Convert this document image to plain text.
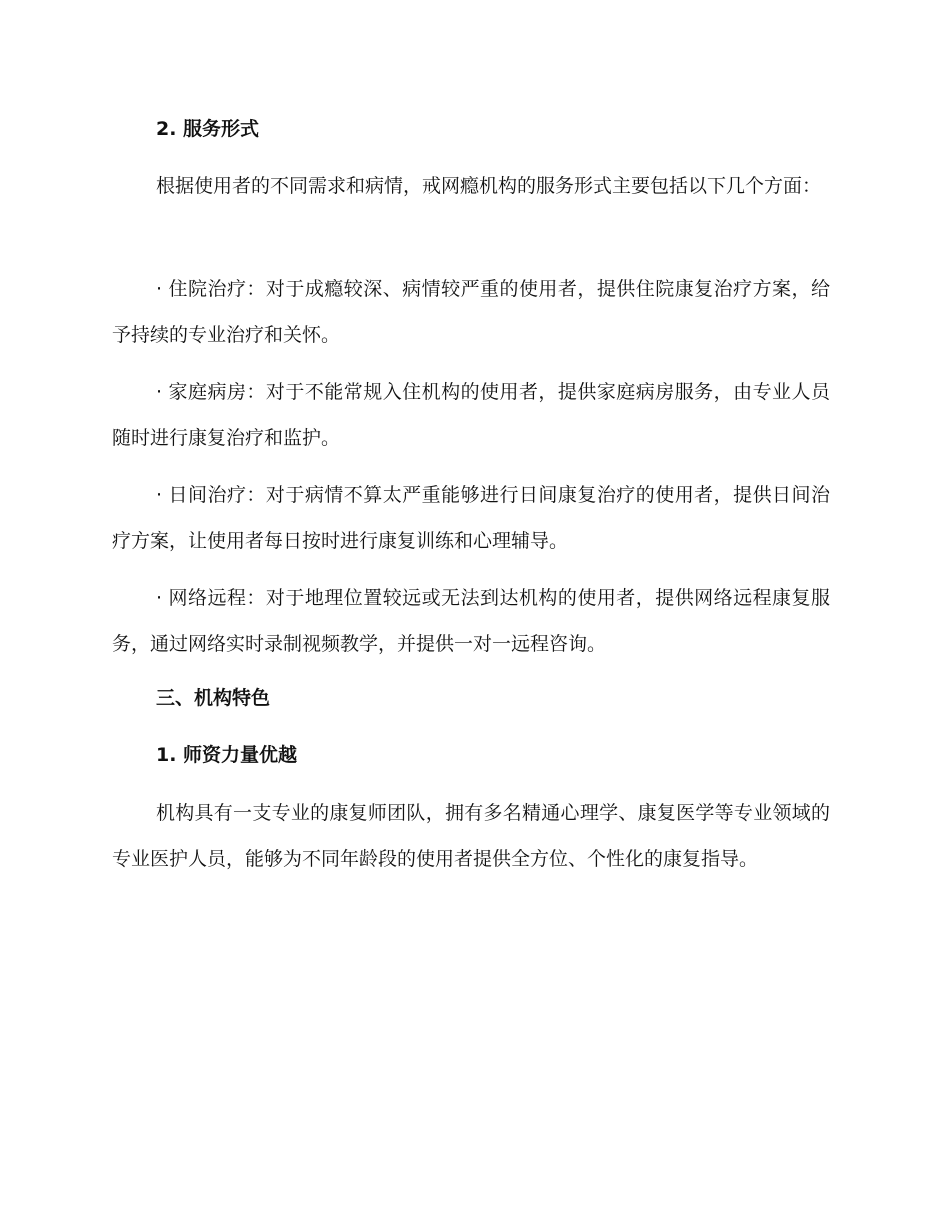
2. 服务形式

根据使用者的不同需求和病情，戒网瘾机构的服务形式主要包括以下几个方面：

· 住院治疗：对于成瘾较深、病情较严重的使用者，提供住院康复治疗方案，给予持续的专业治疗和关怀。

· 家庭病房：对于不能常规入住机构的使用者，提供家庭病房服务，由专业人员随时进行康复治疗和监护。

· 日间治疗：对于病情不算太严重能够进行日间康复治疗的使用者，提供日间治疗方案，让使用者每日按时进行康复训练和心理辅导。

· 网络远程：对于地理位置较远或无法到达机构的使用者，提供网络远程康复服务，通过网络实时录制视频教学，并提供一对一远程咨询。

三、机构特色
1. 师资力量优越

机构具有一支专业的康复师团队，拥有多名精通心理学、康复医学等专业领域的专业医护人员，能够为不同年龄段的使用者提供全方位、个性化的康复指导。
